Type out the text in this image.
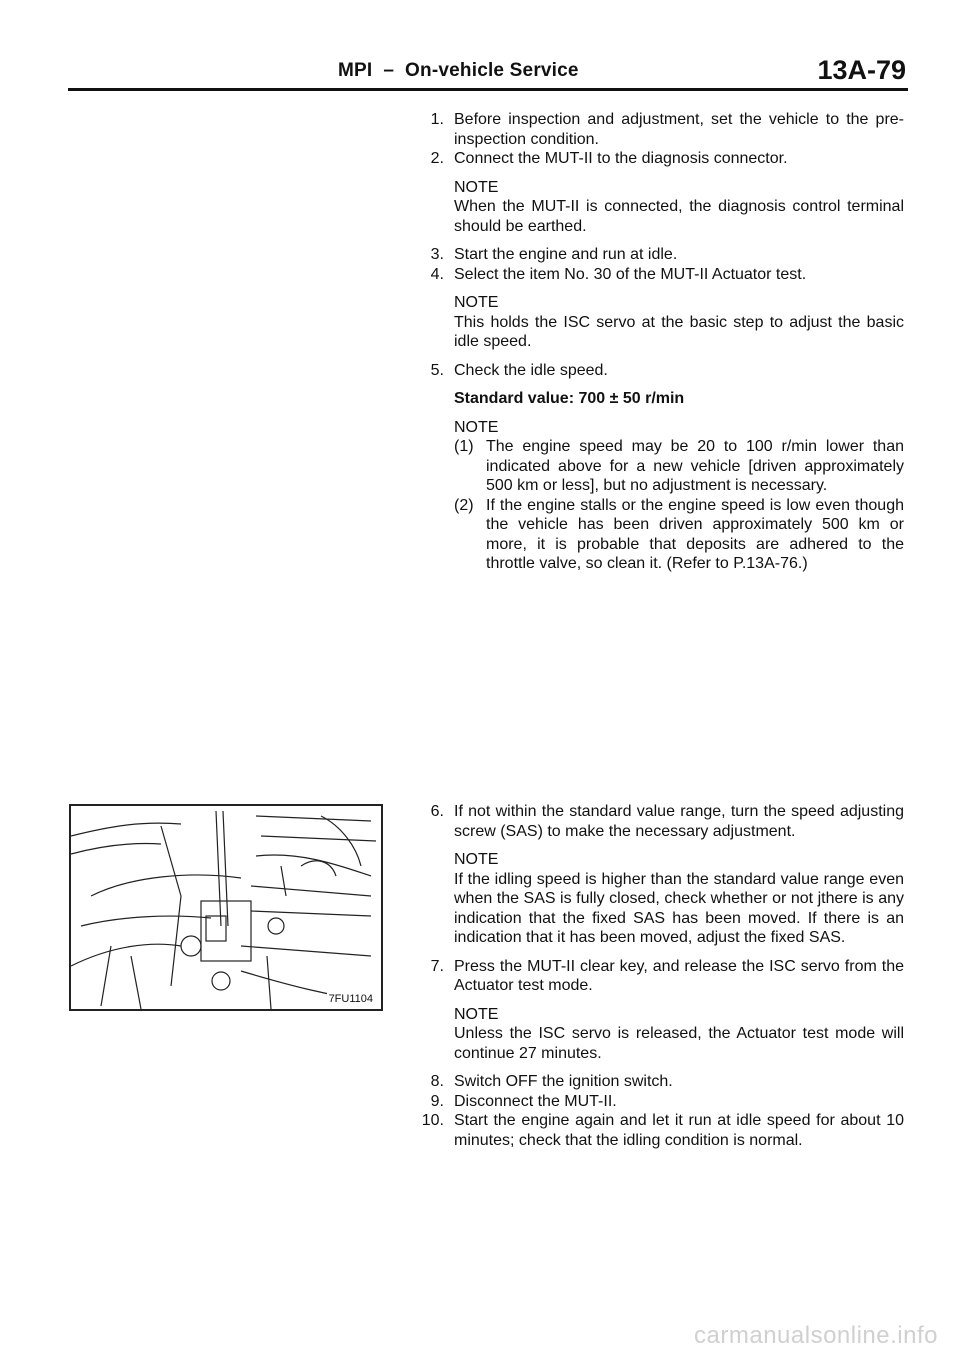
MPI  –  On-vehicle Service	13A-79
1. Before inspection and adjustment, set the vehicle to the pre-inspection condition.
2. Connect the MUT-II to the diagnosis connector.
NOTE
When the MUT-II is connected, the diagnosis control terminal should be earthed.
3. Start the engine and run at idle.
4. Select the item No. 30 of the MUT-II Actuator test.
NOTE
This holds the ISC servo at the basic step to adjust the basic idle speed.
5. Check the idle speed.
Standard value: 700 ± 50 r/min
NOTE
(1) The engine speed may be 20 to 100 r/min lower than indicated above for a new vehicle [driven approximately 500 km or less], but no adjustment is necessary.
(2) If the engine stalls or the engine speed is low even though the vehicle has been driven approximately 500 km or more, it is probable that deposits are adhered to the throttle valve, so clean it. (Refer to P.13A-76.)
7FU1104
6. If not within the standard value range, turn the speed adjusting screw (SAS) to make the necessary adjustment.
NOTE
If the idling speed is higher than the standard value range even when the SAS is fully closed, check whether or not jthere is any indication that the fixed SAS has been moved. If there is an indication that it has been moved, adjust the fixed SAS.
7. Press the MUT-II clear key, and release the ISC servo from the Actuator test mode.
NOTE
Unless the ISC servo is released, the Actuator test mode will continue 27 minutes.
8. Switch OFF the ignition switch.
9. Disconnect the MUT-II.
10. Start the engine again and let it run at idle speed for about 10 minutes; check that the idling condition is normal.
carmanualsonline.info
